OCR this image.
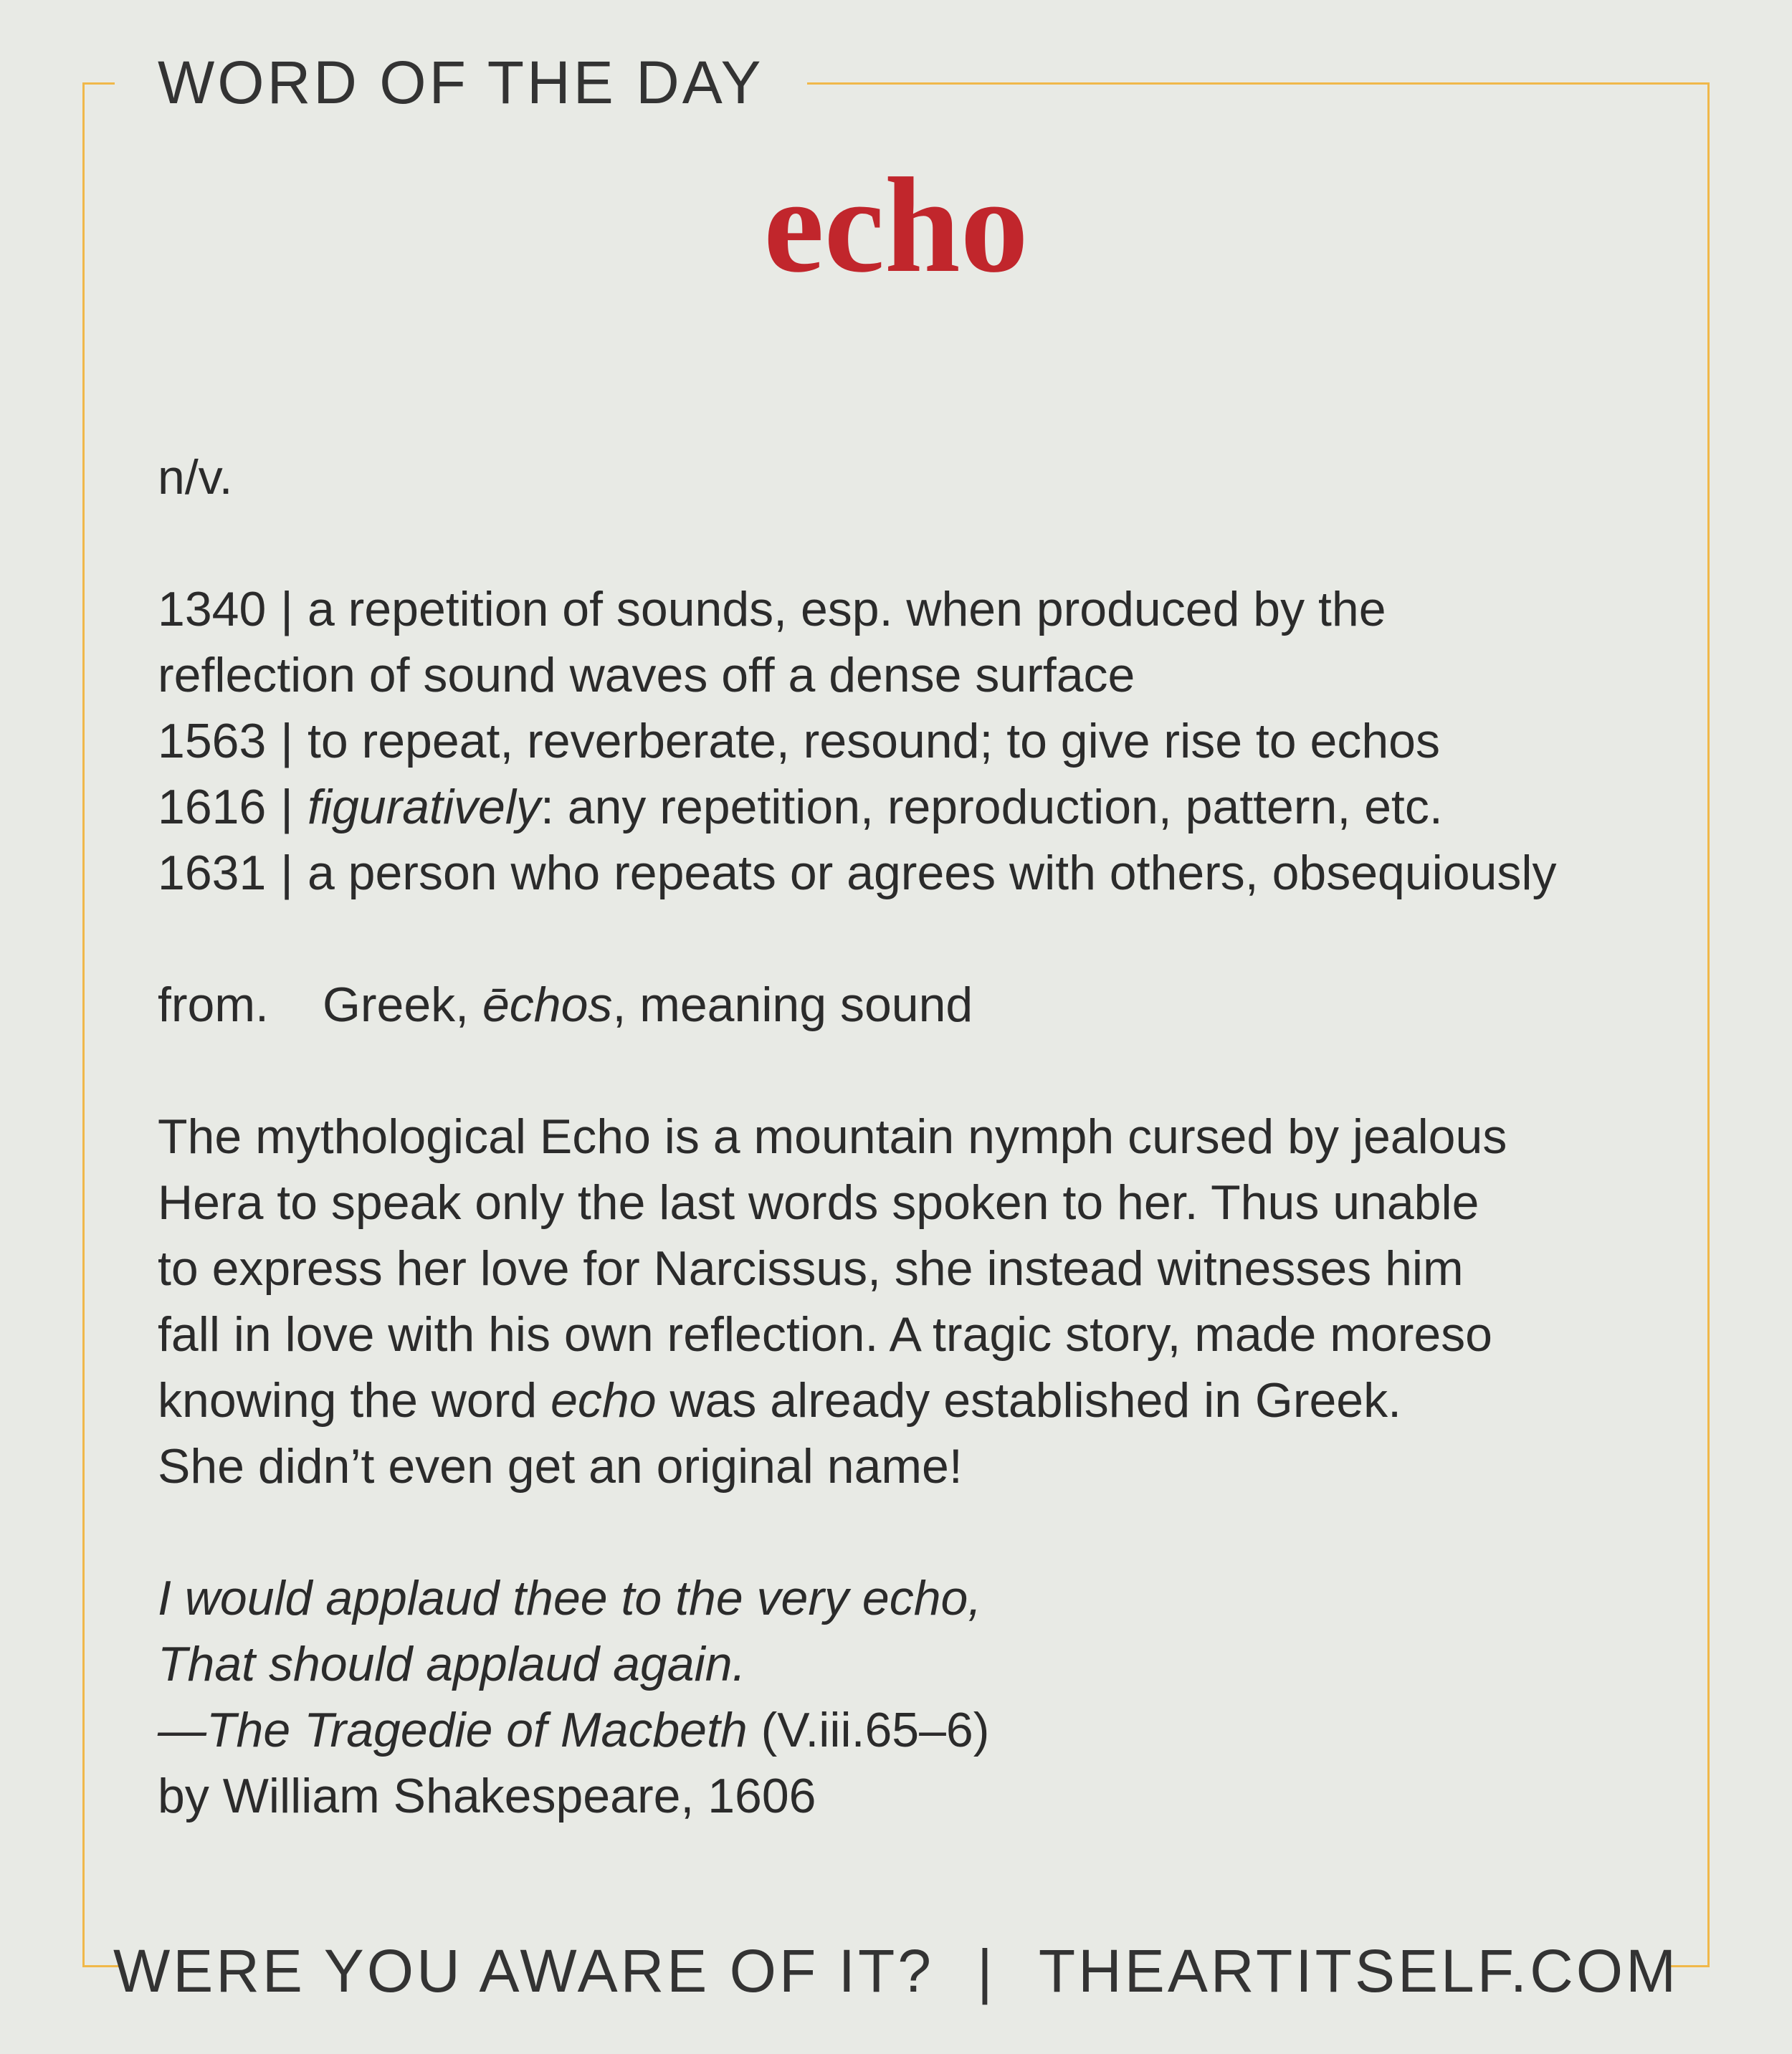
WORD OF THE DAY
echo

n/v.

1340 | a repetition of sounds, esp. when produced by the
reflection of sound waves off a dense surface
1563 | to repeat, reverberate, resound; to give rise to echos
1616 | figuratively: any repetition, reproduction, pattern, etc.
1631 | a person who repeats or agrees with others, obsequiously
from. Greek, ēchos, meaning sound
The mythological Echo is a mountain nymph cursed by jealous
Hera to speak only the last words spoken to her. Thus unable
to express her love for Narcissus, she instead witnesses him
fall in love with his own reflection. A tragic story, made moreso
knowing the word echo was already established in Greek.
She didn’t even get an original name!
I would applaud thee to the very echo,
That should applaud again.
—The Tragedie of Macbeth (V.iii.65–6)
by William Shakespeare, 1606
WERE YOU AWARE OF IT? | THEARTITSELF.COM
